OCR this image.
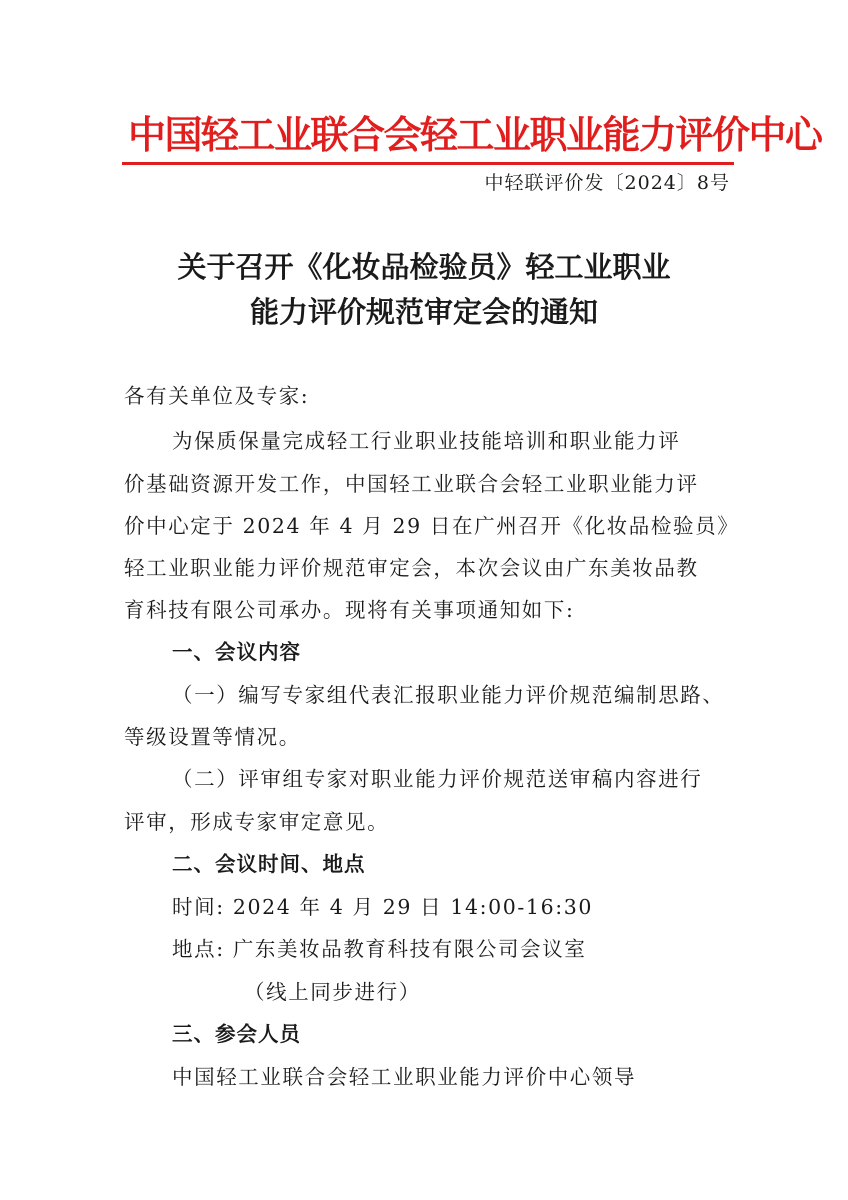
中国轻工业联合会轻工业职业能力评价中心
中轻联评价发〔2024〕8号
关于召开《化妆品检验员》轻工业职业
能力评价规范审定会的通知
各有关单位及专家:
为保质保量完成轻工行业职业技能培训和职业能力评
价基础资源开发工作，中国轻工业联合会轻工业职业能力评
价中心定于 2024 年 4 月 29 日在广州召开《化妆品检验员》
轻工业职业能力评价规范审定会，本次会议由广东美妆品教
育科技有限公司承办。现将有关事项通知如下:
一、会议内容
（一）编写专家组代表汇报职业能力评价规范编制思路、
等级设置等情况。
（二）评审组专家对职业能力评价规范送审稿内容进行
评审，形成专家审定意见。
二、会议时间、地点
时间: 2024 年 4 月 29 日 14:00-16:30
地点: 广东美妆品教育科技有限公司会议室
（线上同步进行）
三、参会人员
中国轻工业联合会轻工业职业能力评价中心领导
